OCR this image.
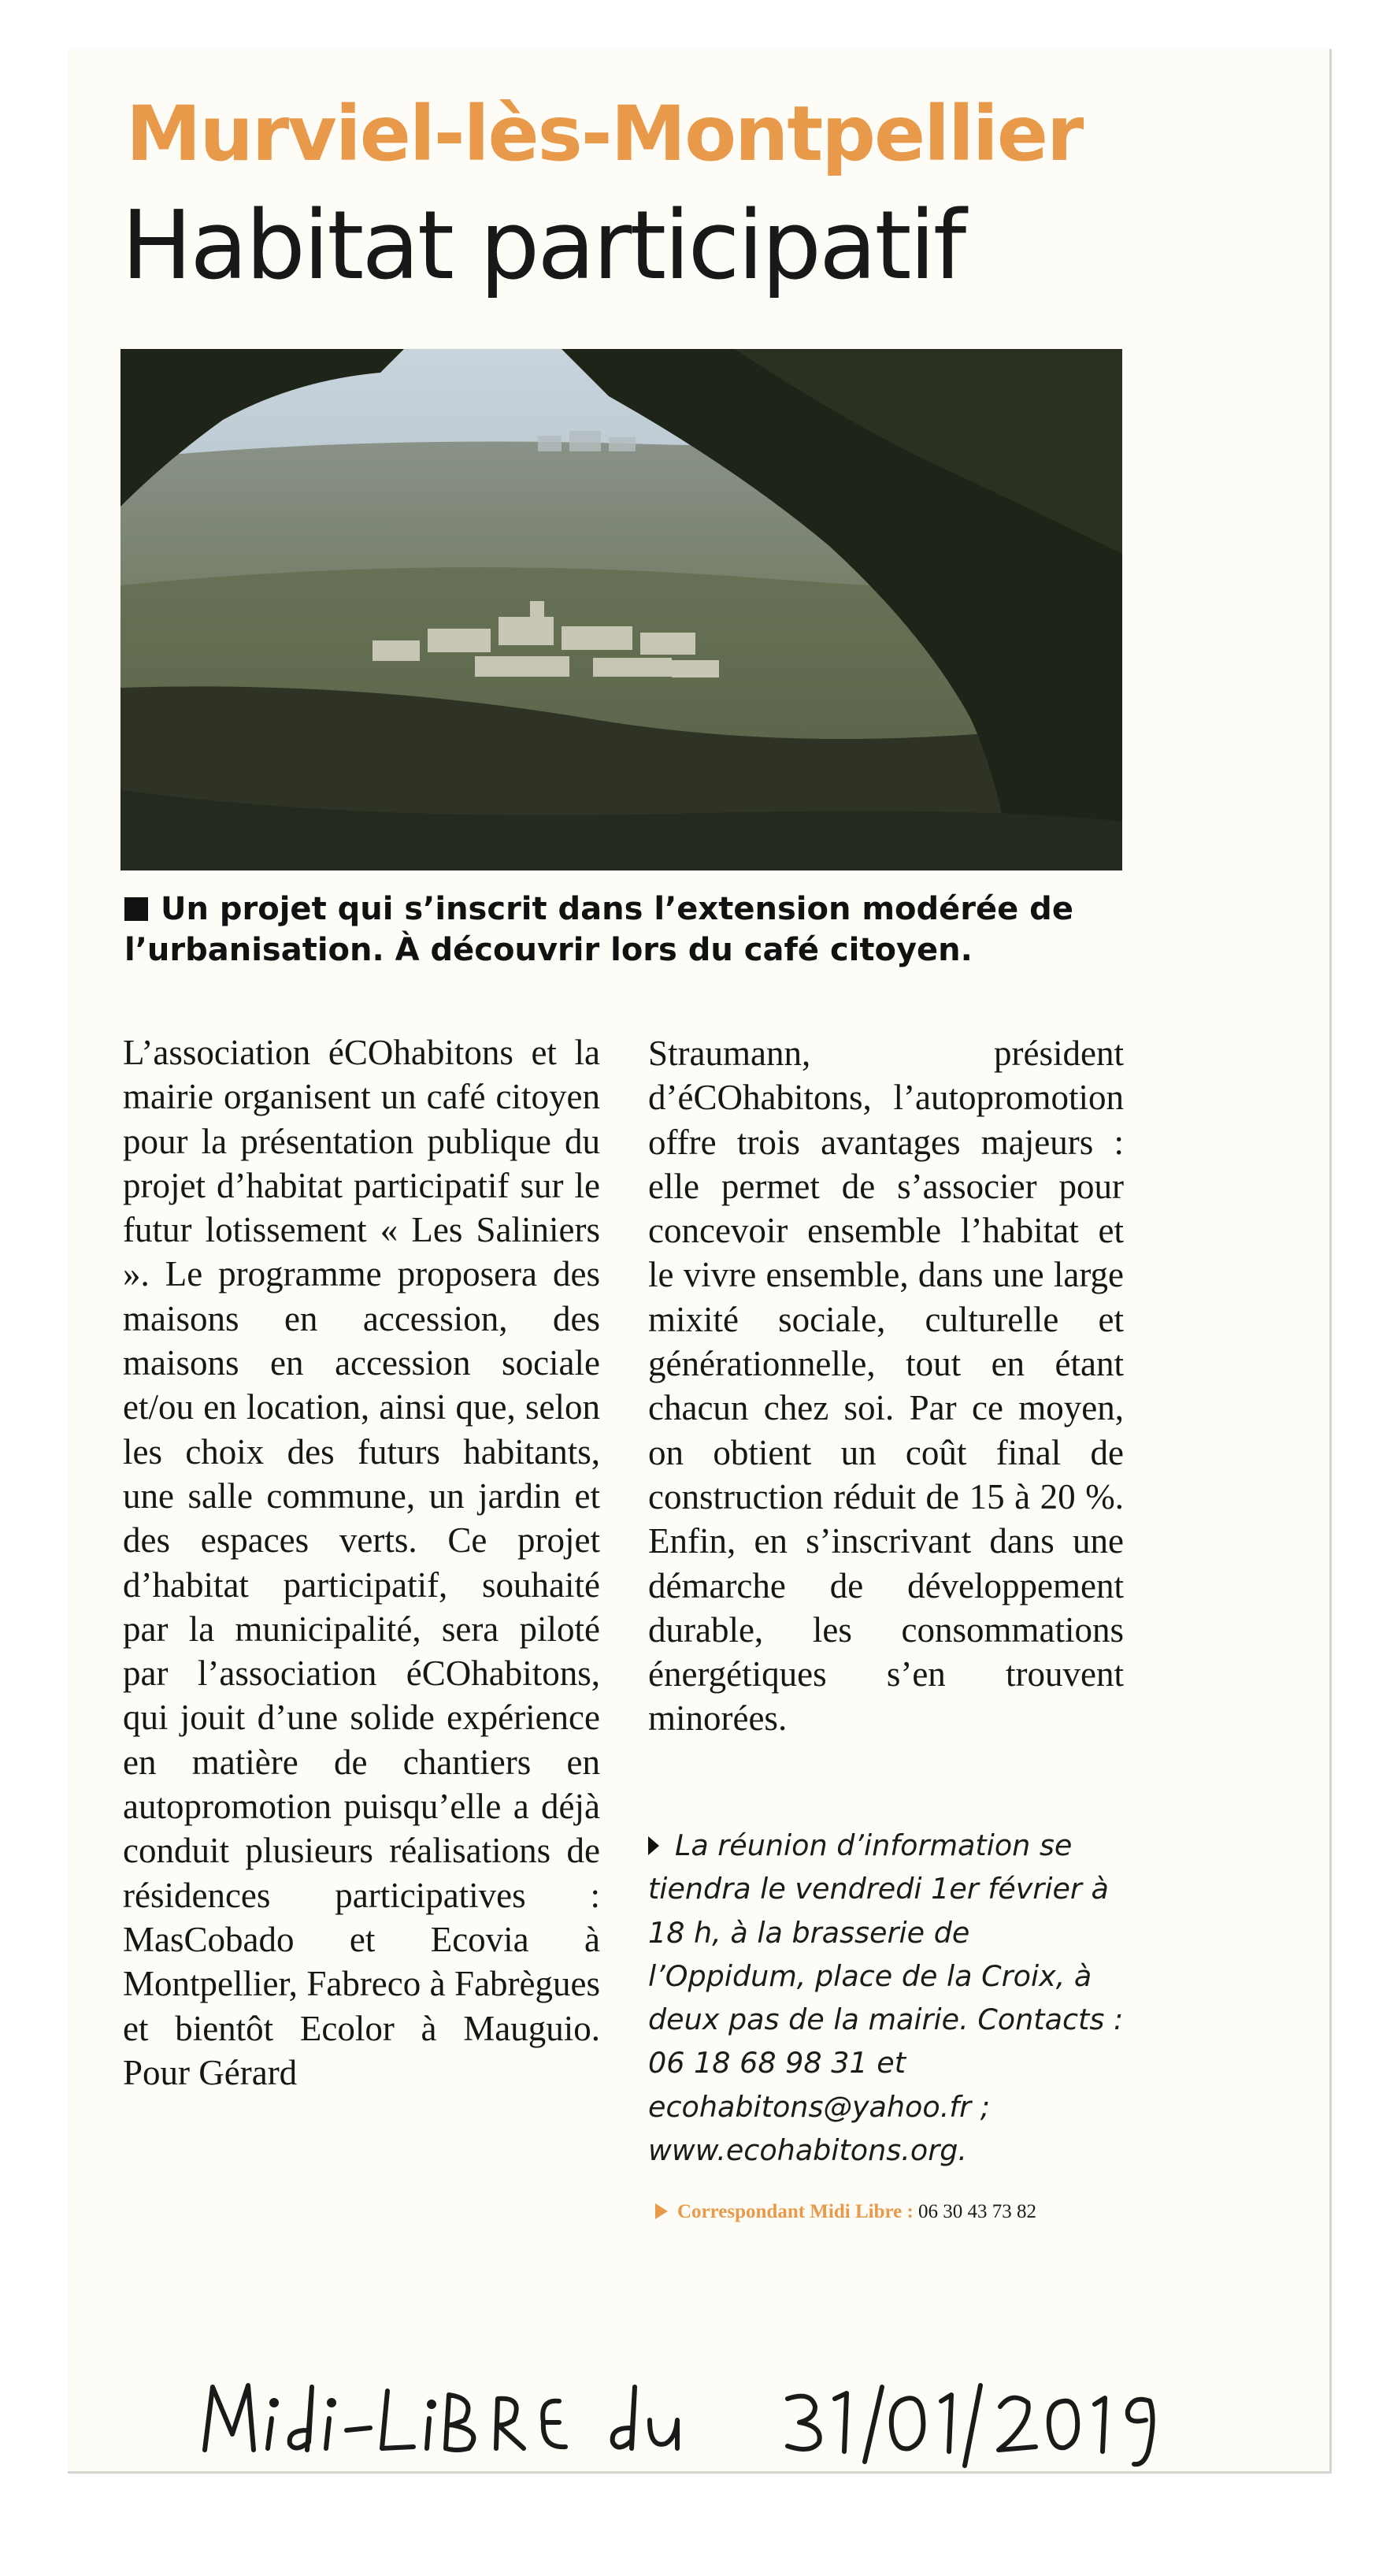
Murviel-lès-Montpellier
Habitat participatif
Un projet qui s’inscrit dans l’extension modérée de l’urbanisation. À découvrir lors du café citoyen.

L’association éCOhabitons et la mairie organisent un café citoyen pour la présentation publique du projet d’habitat participatif sur le futur lotissement « Les Saliniers ». Le programme proposera des maisons en accession, des maisons en accession sociale et/ou en location, ainsi que, selon les choix des futurs habitants, une salle commune, un jardin et des espaces verts. Ce projet d’habitat participatif, souhaité par la municipalité, sera piloté par l’association éCOhabitons, qui jouit d’une solide expérience en matière de chantiers en autopromotion puisqu’elle a déjà conduit plusieurs réalisations de résidences participatives : MasCobado et Ecovia à Montpellier, Fabreco à Fabrègues et bientôt Ecolor à Mauguio. Pour Gérard

Straumann, président d’éCOhabitons, l’autopromotion offre trois avantages majeurs : elle permet de s’associer pour concevoir ensemble l’habitat et le vivre ensemble, dans une large mixité sociale, culturelle et générationnelle, tout en étant chacun chez soi. Par ce moyen, on obtient un coût final de construction réduit de 15 à 20 %. Enfin, en s’inscrivant dans une démarche de développement durable, les consommations énergétiques s’en trouvent minorées.

La réunion d’information se tiendra le vendredi 1er février à 18 h, à la brasserie de l’Oppidum, place de la Croix, à deux pas de la mairie. Contacts : 06 18 68 98 31 et ecohabitons@yahoo.fr ; www.ecohabitons.org.
Correspondant Midi Libre : 06 30 43 73 82
